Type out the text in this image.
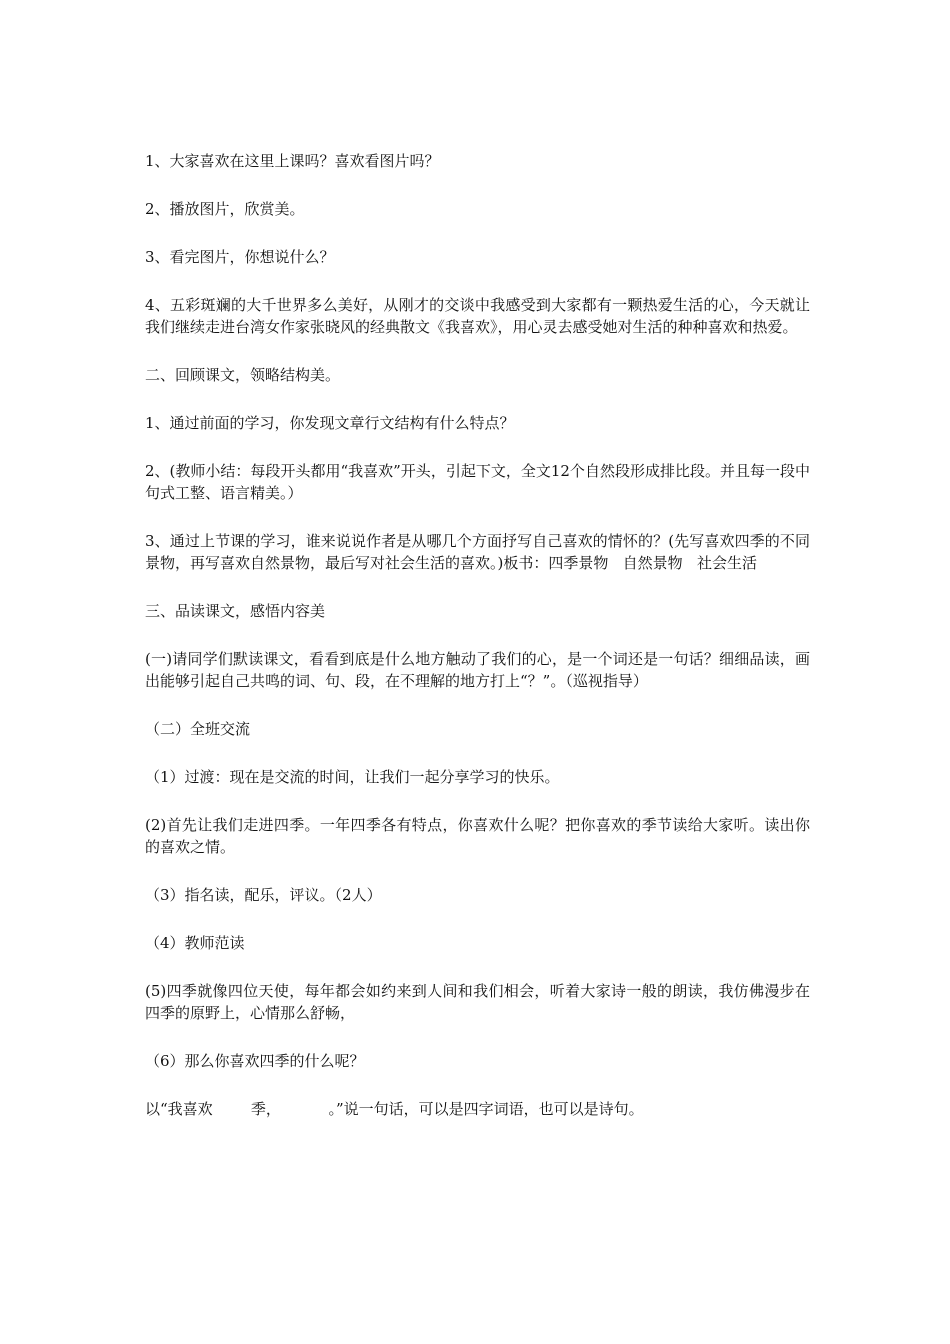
1、大家喜欢在这里上课吗？喜欢看图片吗？

2、播放图片，欣赏美。

3、看完图片，你想说什么？

4、五彩斑斓的大千世界多么美好，从刚才的交谈中我感受到大家都有一颗热爱生活的心，今天就让我们继续走进台湾女作家张晓风的经典散文《我喜欢》，用心灵去感受她对生活的种种喜欢和热爱。

二、回顾课文，领略结构美。

1、通过前面的学习，你发现文章行文结构有什么特点？

2、(教师小结：每段开头都用“我喜欢”开头，引起下文，全文12个自然段形成排比段。并且每一段中句式工整、语言精美。）

3、通过上节课的学习，谁来说说作者是从哪几个方面抒写自己喜欢的情怀的？(先写喜欢四季的不同景物，再写喜欢自然景物，最后写对社会生活的喜欢。)板书：四季景物   自然景物   社会生活

三、品读课文，感悟内容美

(一)请同学们默读课文，看看到底是什么地方触动了我们的心，是一个词还是一句话？细细品读，画出能够引起自己共鸣的词、句、段，在不理解的地方打上“？”。（巡视指导）

（二）全班交流

（1）过渡：现在是交流的时间，让我们一起分享学习的快乐。

(2)首先让我们走进四季。一年四季各有特点，你喜欢什么呢？把你喜欢的季节读给大家听。读出你的喜欢之情。

（3）指名读，配乐，评议。（2人）

（4）教师范读

(5)四季就像四位天使，每年都会如约来到人间和我们相会，听着大家诗一般的朗读，我仿佛漫步在四季的原野上，心情那么舒畅，

（6）那么你喜欢四季的什么呢？

以“我喜欢        季，          。”说一句话，可以是四字词语，也可以是诗句。
